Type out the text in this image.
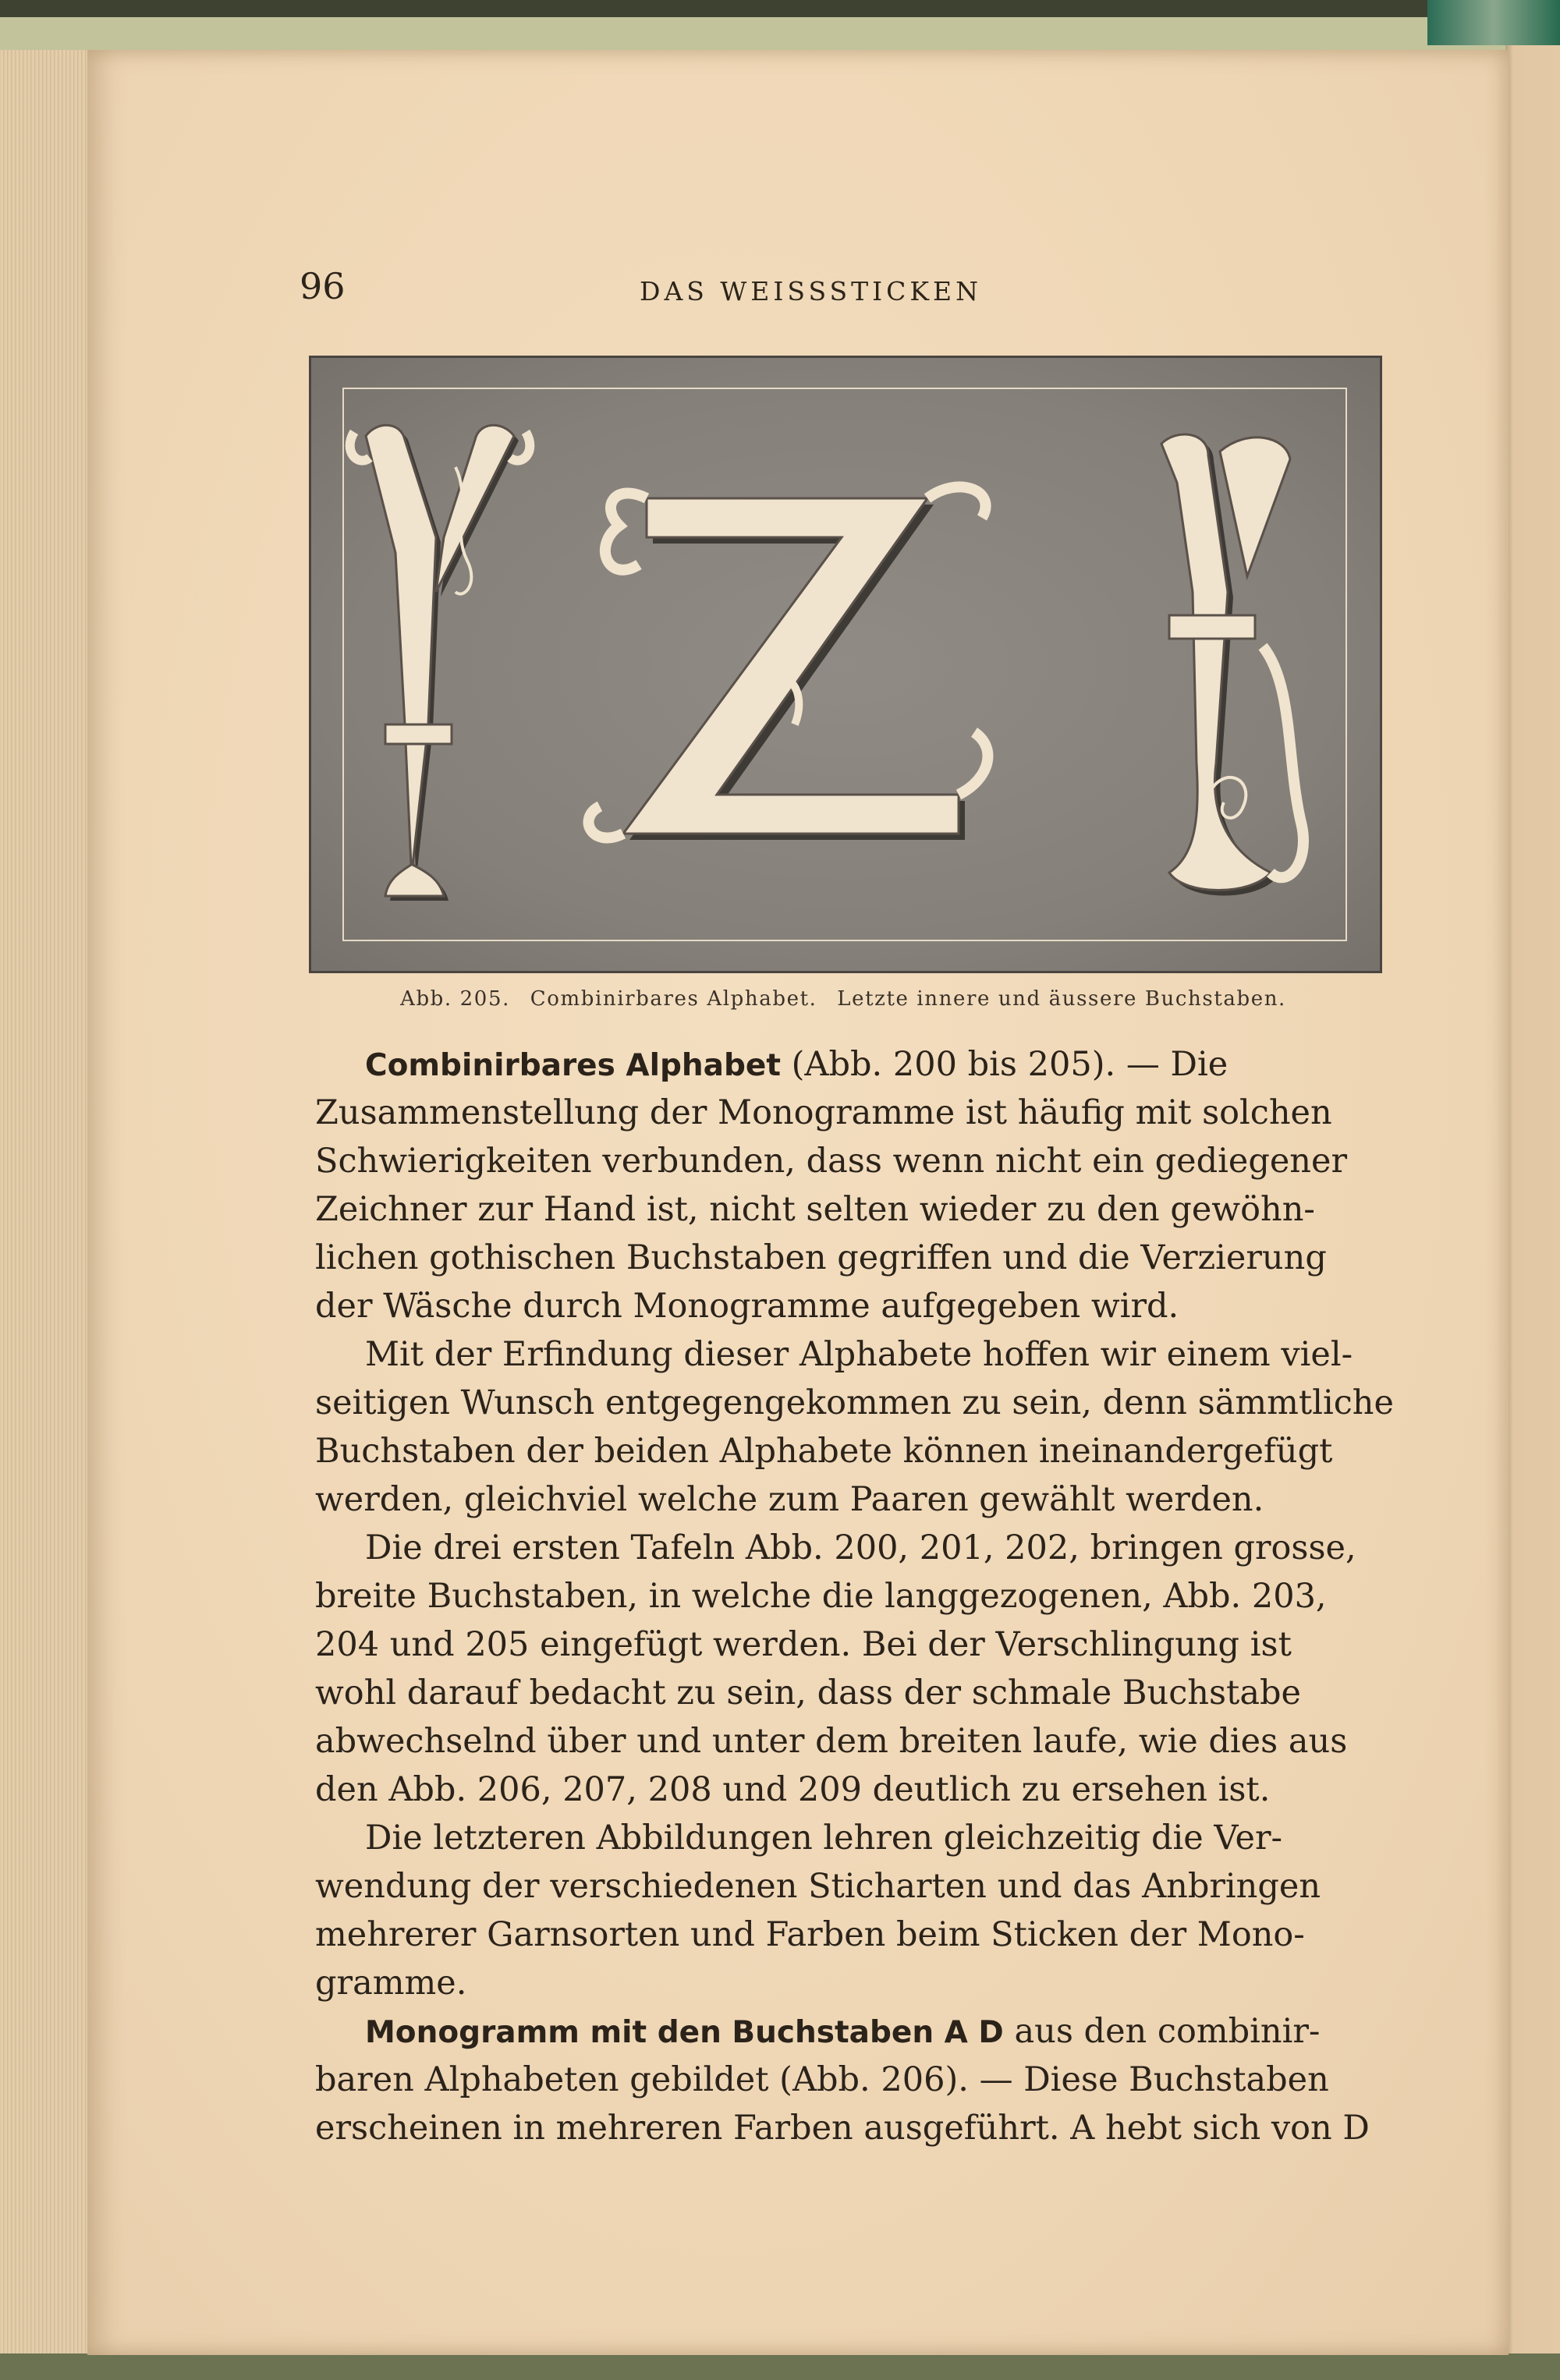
96	DAS WEISSSTICKEN
Abb. 205. Combinirbares Alphabet. Letzte innere und äussere Buchstaben.
Combinirbares Alphabet (Abb. 200 bis 205). — Die
Zusammenstellung der Monogramme ist häufig mit solchen
Schwierigkeiten verbunden, dass wenn nicht ein gediegener
Zeichner zur Hand ist, nicht selten wieder zu den gewöhn-
lichen gothischen Buchstaben gegriffen und die Verzierung
der Wäsche durch Monogramme aufgegeben wird.
Mit der Erfindung dieser Alphabete hoffen wir einem viel-
seitigen Wunsch entgegengekommen zu sein, denn sämmtliche
Buchstaben der beiden Alphabete können ineinandergefügt
werden, gleichviel welche zum Paaren gewählt werden.
Die drei ersten Tafeln Abb. 200, 201, 202, bringen grosse,
breite Buchstaben, in welche die langgezogenen, Abb. 203,
204 und 205 eingefügt werden. Bei der Verschlingung ist
wohl darauf bedacht zu sein, dass der schmale Buchstabe
abwechselnd über und unter dem breiten laufe, wie dies aus
den Abb. 206, 207, 208 und 209 deutlich zu ersehen ist.
Die letzteren Abbildungen lehren gleichzeitig die Ver-
wendung der verschiedenen Sticharten und das Anbringen
mehrerer Garnsorten und Farben beim Sticken der Mono-
gramme.
Monogramm mit den Buchstaben A D aus den combinir-
baren Alphabeten gebildet (Abb. 206). — Diese Buchstaben
erscheinen in mehreren Farben ausgeführt. A hebt sich von D
